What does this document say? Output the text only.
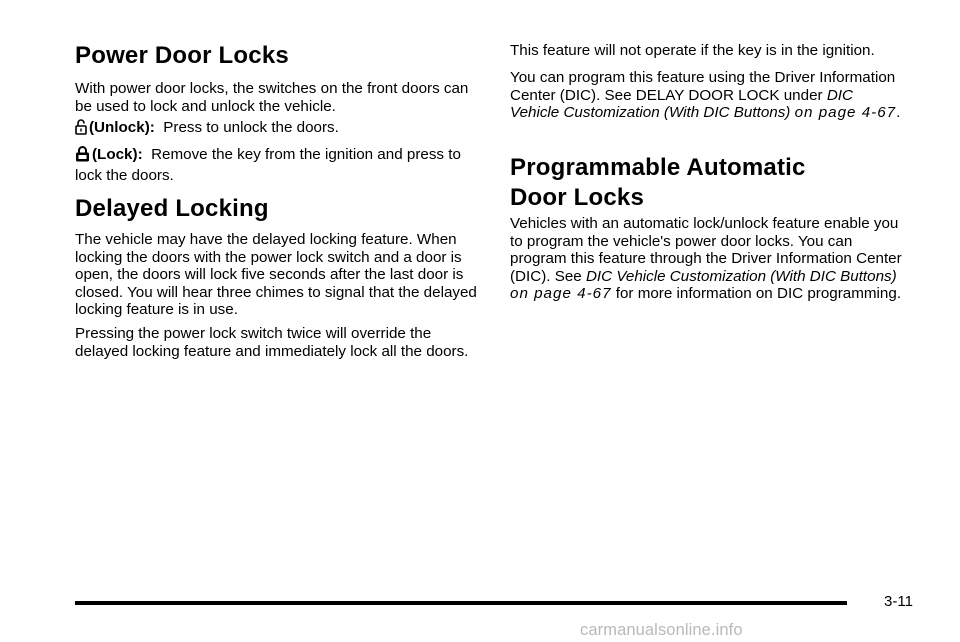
Power Door Locks

With power door locks, the switches on the front doors can be used to lock and unlock the vehicle.

(Unlock): Press to unlock the doors.

(Lock): Remove the key from the ignition and press to lock the doors.

Delayed Locking

The vehicle may have the delayed locking feature. When locking the doors with the power lock switch and a door is open, the doors will lock five seconds after the last door is closed. You will hear three chimes to signal that the delayed locking feature is in use.

Pressing the power lock switch twice will override the delayed locking feature and immediately lock all the doors.

This feature will not operate if the key is in the ignition.

You can program this feature using the Driver Information Center (DIC). See DELAY DOOR LOCK under DIC Vehicle Customization (With DIC Buttons) on page 4‑67.

Programmable Automatic
Door Locks

Vehicles with an automatic lock/unlock feature enable you to program the vehicle's power door locks. You can program this feature through the Driver Information Center (DIC). See DIC Vehicle Customization (With DIC Buttons) on page 4‑67 for more information on DIC programming.

3-11
carmanualsonline.info
